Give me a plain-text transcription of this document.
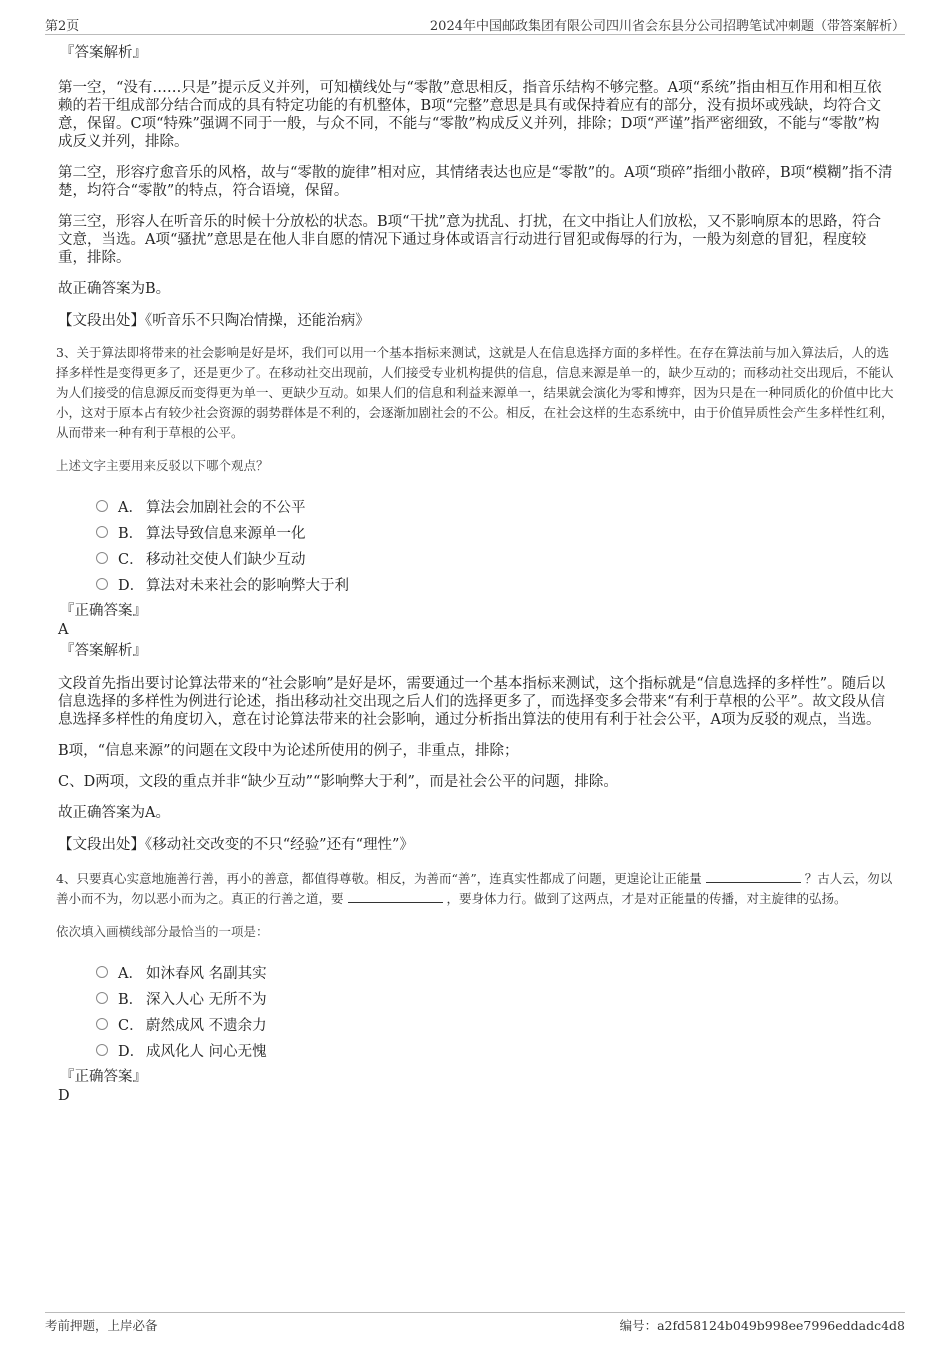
第2页	2024年中国邮政集团有限公司四川省会东县分公司招聘笔试冲刺题（带答案解析）
『答案解析』
第一空，“没有……只是”提示反义并列，可知横线处与“零散”意思相反，指音乐结构不够完整。A项“系统”指由相互作用和相互依赖的若干组成部分结合而成的具有特定功能的有机整体，B项“完整”意思是具有或保持着应有的部分，没有损坏或残缺，均符合文意，保留。C项“特殊”强调不同于一般，与众不同，不能与“零散”构成反义并列，排除；D项“严谨”指严密细致，不能与“零散”构成反义并列，排除。
第二空，形容疗愈音乐的风格，故与“零散的旋律”相对应，其情绪表达也应是“零散”的。A项“琐碎”指细小散碎，B项“模糊”指不清楚，均符合“零散”的特点，符合语境，保留。
第三空，形容人在听音乐的时候十分放松的状态。B项“干扰”意为扰乱、打扰，在文中指让人们放松，又不影响原本的思路，符合文意，当选。A项“骚扰”意思是在他人非自愿的情况下通过身体或语言行动进行冒犯或侮辱的行为，一般为刻意的冒犯，程度较重，排除。
故正确答案为B。
【文段出处】《听音乐不只陶冶情操，还能治病》
3、关于算法即将带来的社会影响是好是坏，我们可以用一个基本指标来测试，这就是人在信息选择方面的多样性。在存在算法前与加入算法后，人的选择多样性是变得更多了，还是更少了。在移动社交出现前，人们接受专业机构提供的信息，信息来源是单一的，缺少互动的；而移动社交出现后，不能认为人们接受的信息源反而变得更为单一、更缺少互动。如果人们的信息和利益来源单一，结果就会演化为零和博弈，因为只是在一种同质化的价值中比大小，这对于原本占有较少社会资源的弱势群体是不利的，会逐渐加剧社会的不公。相反，在社会这样的生态系统中，由于价值异质性会产生多样性红利，从而带来一种有利于草根的公平。
上述文字主要用来反驳以下哪个观点？
A． 算法会加剧社会的不公平
B． 算法导致信息来源单一化
C． 移动社交使人们缺少互动
D． 算法对未来社会的影响弊大于利
『正确答案』
A
『答案解析』
文段首先指出要讨论算法带来的“社会影响”是好是坏，需要通过一个基本指标来测试，这个指标就是“信息选择的多样性”。随后以信息选择的多样性为例进行论述，指出移动社交出现之后人们的选择更多了，而选择变多会带来“有利于草根的公平”。故文段从信息选择多样性的角度切入，意在讨论算法带来的社会影响，通过分析指出算法的使用有利于社会公平，A项为反驳的观点，当选。
B项，“信息来源”的问题在文段中为论述所使用的例子，非重点，排除；
C、D两项，文段的重点并非“缺少互动”“影响弊大于利”，而是社会公平的问题，排除。
故正确答案为A。
【文段出处】《移动社交改变的不只“经验”还有“理性”》
4、只要真心实意地施善行善，再小的善意，都值得尊敬。相反，为善而“善”，连真实性都成了问题，更遑论让正能量	？古人云，勿以善小而不为，勿以恶小而为之。真正的行善之道，要	，要身体力行。做到了这两点，才是对正能量的传播，对主旋律的弘扬。
依次填入画横线部分最恰当的一项是：
A． 如沐春风 名副其实
B． 深入人心 无所不为
C． 蔚然成风 不遗余力
D． 成风化人 问心无愧
『正确答案』
D
考前押题，上岸必备	编号：a2fd58124b049b998ee7996eddadc4d8
